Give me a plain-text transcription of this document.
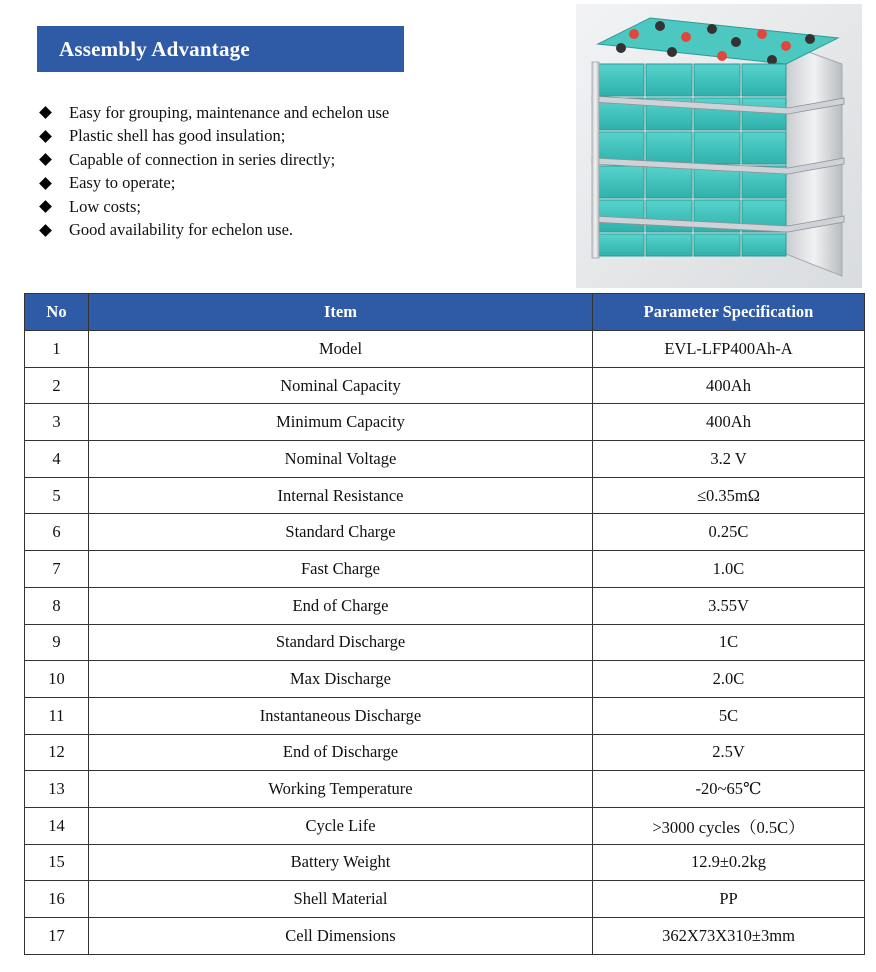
Assembly Advantage
Easy for grouping, maintenance and echelon use
Plastic shell has good insulation;
Capable of connection in series directly;
Easy to operate;
Low costs;
Good availability for echelon use.
No	Item	Parameter Specification
1	Model	EVL-LFP400Ah-A
2	Nominal Capacity	400Ah
3	Minimum Capacity	400Ah
4	Nominal Voltage	3.2 V
5	Internal Resistance	≤0.35mΩ
6	Standard Charge	0.25C
7	Fast Charge	1.0C
8	End of Charge	3.55V
9	Standard Discharge	1C
10	Max Discharge	2.0C
11	Instantaneous Discharge	5C
12	End of Discharge	2.5V
13	Working Temperature	-20~65℃
14	Cycle Life	>3000 cycles（0.5C）
15	Battery Weight	12.9±0.2kg
16	Shell Material	PP
17	Cell Dimensions	362X73X310±3mm
